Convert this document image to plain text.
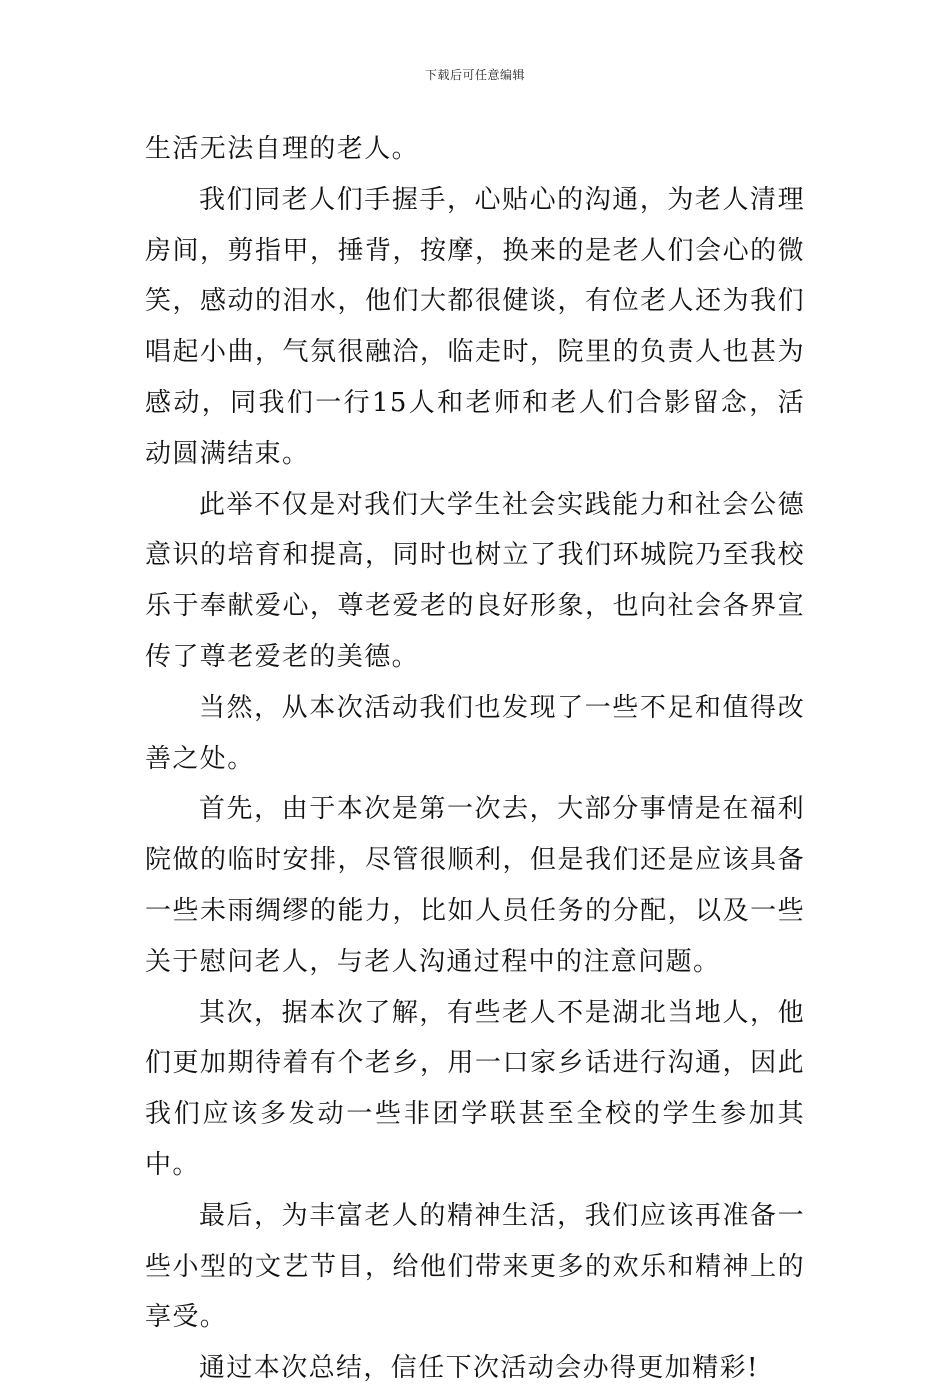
下载后可任意编辑

生活无法自理的老人。

我们同老人们手握手，心贴心的沟通，为老人清理房间，剪指甲，捶背，按摩，换来的是老人们会心的微笑，感动的泪水，他们大都很健谈，有位老人还为我们唱起小曲，气氛很融洽，临走时，院里的负责人也甚为感动，同我们一行15人和老师和老人们合影留念，活动圆满结束。

此举不仅是对我们大学生社会实践能力和社会公德意识的培育和提高，同时也树立了我们环城院乃至我校乐于奉献爱心，尊老爱老的良好形象，也向社会各界宣传了尊老爱老的美德。

当然，从本次活动我们也发现了一些不足和值得改善之处。

首先，由于本次是第一次去，大部分事情是在福利院做的临时安排，尽管很顺利，但是我们还是应该具备一些未雨绸缪的能力，比如人员任务的分配，以及一些关于慰问老人，与老人沟通过程中的注意问题。

其次，据本次了解，有些老人不是湖北当地人，他们更加期待着有个老乡，用一口家乡话进行沟通，因此我们应该多发动一些非团学联甚至全校的学生参加其中。

最后，为丰富老人的精神生活，我们应该再准备一些小型的文艺节目，给他们带来更多的欢乐和精神上的享受。

通过本次总结，信任下次活动会办得更加精彩!
